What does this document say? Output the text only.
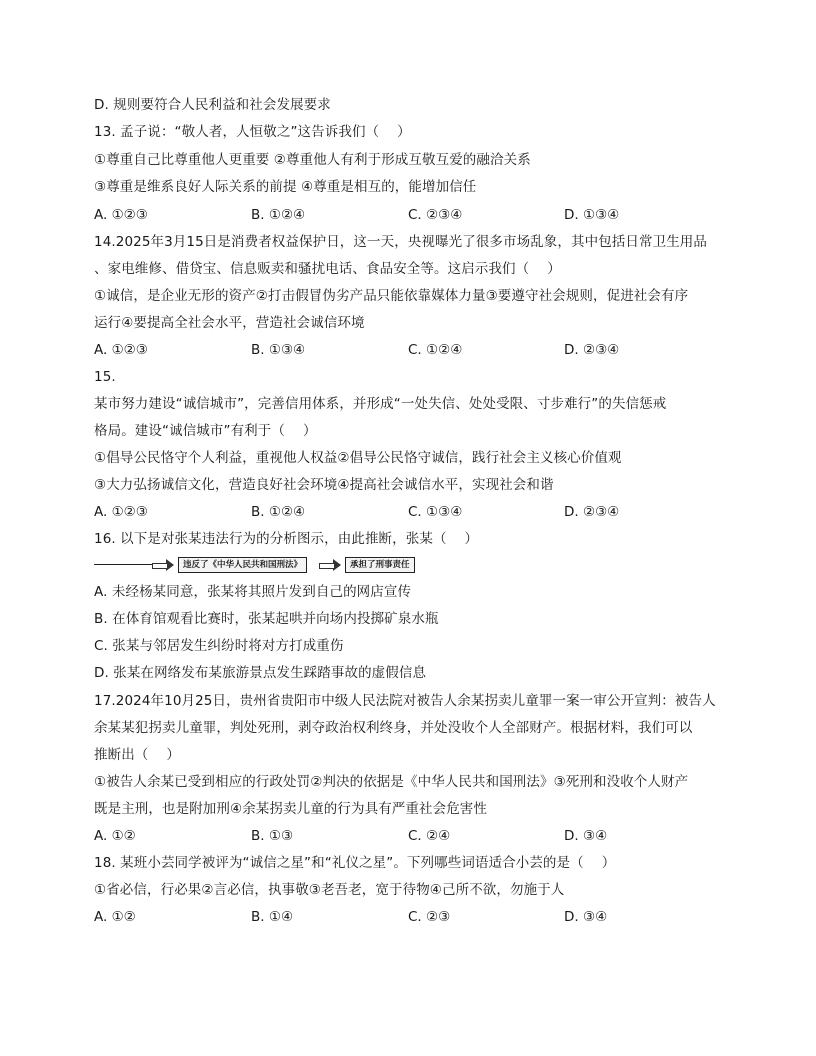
D. 规则要符合人民利益和社会发展要求
13. 孟子说：“敬人者，人恒敬之”这告诉我们（　 ）
①尊重自己比尊重他人更重要 ②尊重他人有利于形成互敬互爱的融洽关系
③尊重是维系良好人际关系的前提 ④尊重是相互的，能增加信任
A. ①②③	B. ①②④	C. ②③④	D. ①③④
14.2025年3月15日是消费者权益保护日，这一天，央视曝光了很多市场乱象，其中包括日常卫生用品
、家电维修、借贷宝、信息贩卖和骚扰电话、食品安全等。这启示我们（　 ）
①诚信，是企业无形的资产②打击假冒伪劣产品只能依靠媒体力量③要遵守社会规则，促进社会有序
运行④要提高全社会水平，营造社会诚信环境
A. ①②③	B. ①③④	C. ①②④	D. ②③④
15.
某市努力建设“诚信城市”，完善信用体系，并形成“一处失信、处处受限、寸步难行”的失信惩戒
格局。建设“诚信城市”有利于（　 ）
①倡导公民恪守个人利益，重视他人权益②倡导公民恪守诚信，践行社会主义核心价值观
③大力弘扬诚信文化，营造良好社会环境④提高社会诚信水平，实现社会和谐
A. ①②③	B. ①②④	C. ①③④	D. ②③④
16. 以下是对张某违法行为的分析图示，由此推断，张某（　 ）
违反了《中华人民共和国刑法》	承担了刑事责任
A. 未经杨某同意，张某将其照片发到自己的网店宣传
B. 在体育馆观看比赛时，张某起哄并向场内投掷矿泉水瓶
C. 张某与邻居发生纠纷时将对方打成重伤
D. 张某在网络发布某旅游景点发生踩踏事故的虚假信息
17.2024年10月25日，贵州省贵阳市中级人民法院对被告人余某拐卖儿童罪一案一审公开宣判：被告人
余某某犯拐卖儿童罪，判处死刑，剥夺政治权利终身，并处没收个人全部财产。根据材料，我们可以
推断出（　 ）
①被告人余某已受到相应的行政处罚②判决的依据是《中华人民共和国刑法》③死刑和没收个人财产
既是主刑，也是附加刑④余某拐卖儿童的行为具有严重社会危害性
A. ①②	B. ①③	C. ②④	D. ③④
18. 某班小芸同学被评为“诚信之星”和“礼仪之星”。下列哪些词语适合小芸的是（　 ）
①省必信，行必果②言必信，执事敬③老吾老，宽于待物④己所不欲，勿施于人
A. ①②	B. ①④	C. ②③	D. ③④
